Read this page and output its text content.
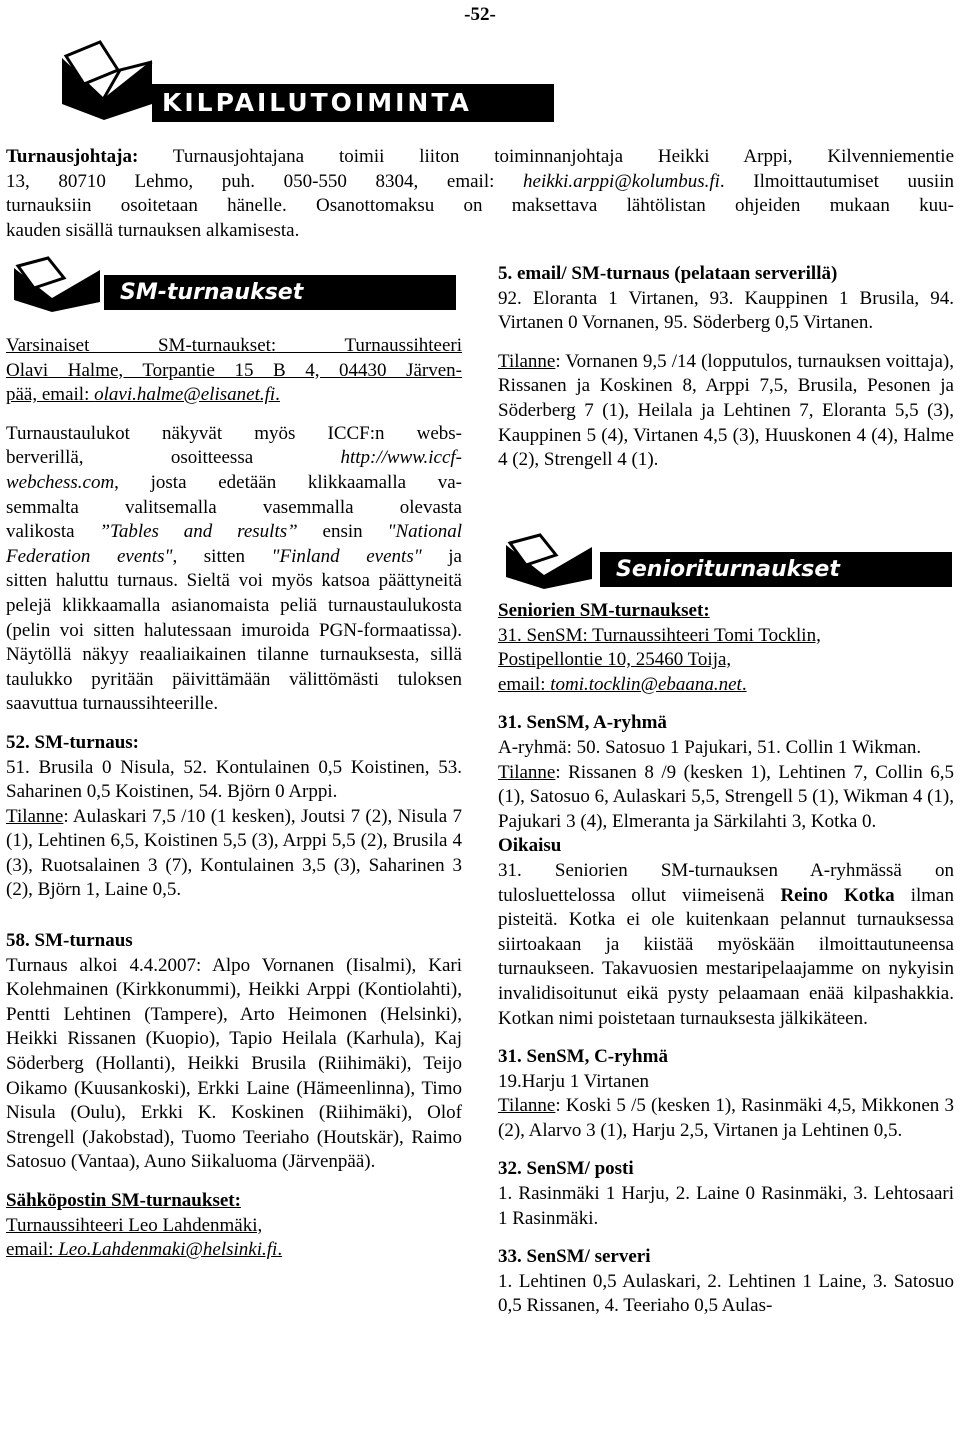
-52-
KILPAILUTOIMINTA

Turnausjohtaja: Turnausjohtajana toimii liiton toiminnanjohtaja Heikki Arppi, Kilvenniementie

13, 80710 Lehmo, puh. 050-550 8304, email: heikki.arppi@kolumbus.fi. Ilmoittautumiset uusiin

turnauksiin osoitetaan hänelle. Osanottomaksu on maksettava lähtölistan ohjeiden mukaan kuu-

kauden sisällä turnauksen alkamisesta.

SM-turnaukset

Varsinaiset SM-turnaukset: Turnaussihteeri

Olavi Halme, Torpantie 15 B 4, 04430 Järven-

pää, email: olavi.halme@elisanet.fi.

Turnaustaulukot näkyvät myös ICCF:n webs-

berverillä, osoitteessa http://www.iccf-

webchess.com, josta edetään klikkaamalla va-

semmalta valitsemalla vasemmalla olevasta

valikosta ”Tables and results” ensin "National

Federation events", sitten "Finland events" ja

sitten haluttu turnaus. Sieltä voi myös katsoa päättyneitä pelejä klikkaamalla asianomaista peliä turnaustaulukosta (pelin voi sitten halutessaan imuroida PGN-formaatissa). Näytöllä näkyy reaaliaikainen tilanne turnauksesta, sillä taulukko pyritään päivittämään välittömästi tuloksen saavuttua turnaussihteerille.

52. SM-turnaus:

51. Brusila 0 Nisula, 52. Kontulainen 0,5 Koistinen, 53. Saharinen 0,5 Koistinen, 54. Björn 0 Arppi.

Tilanne: Aulaskari 7,5 /10 (1 kesken), Joutsi 7 (2), Nisula 7 (1), Lehtinen 6,5, Koistinen 5,5 (3), Arppi 5,5 (2), Brusila 4 (3), Ruotsalainen 3 (7), Kontulainen 3,5 (3), Saharinen 3 (2), Björn 1, Laine 0,5.

58. SM-turnaus

Turnaus alkoi 4.4.2007: Alpo Vornanen (Iisalmi), Kari Kolehmainen (Kirkkonummi), Heikki Arppi (Kontiolahti), Pentti Lehtinen (Tampere), Arto Heimonen (Helsinki), Heikki Rissanen (Kuopio), Tapio Heilala (Karhula), Kaj Söderberg (Hollanti), Heikki Brusila (Riihimäki), Teijo Oikamo (Kuusankoski), Erkki Laine (Hämeenlinna), Timo Nisula (Oulu), Erkki K. Koskinen (Riihimäki), Olof Strengell (Jakobstad), Tuomo Teeriaho (Houtskär), Raimo Satosuo (Vantaa), Auno Siikaluoma (Järvenpää).

Sähköpostin SM-turnaukset:

Turnaussihteeri Leo Lahdenmäki,

email: Leo.Lahdenmaki@helsinki.fi.

5. email/ SM-turnaus (pelataan serverillä)

92. Eloranta 1 Virtanen, 93. Kauppinen 1 Brusila, 94. Virtanen 0 Vornanen, 95. Söderberg 0,5 Virtanen.

Tilanne: Vornanen 9,5 /14 (lopputulos, turnauksen voittaja), Rissanen ja Koskinen 8, Arppi 7,5, Brusila, Pesonen ja Söderberg 7 (1), Heilala ja Lehtinen 7, Eloranta 5,5 (3), Kauppinen 5 (4), Virtanen 4,5 (3), Huuskonen 4 (4), Halme 4 (2), Strengell 4 (1).

Senioriturnaukset

Seniorien SM-turnaukset:

31. SenSM: Turnaussihteeri Tomi Tocklin,

Postipellontie 10, 25460 Toija,

email: tomi.tocklin@ebaana.net.

31. SenSM, A-ryhmä

A-ryhmä: 50. Satosuo 1 Pajukari, 51. Collin 1 Wikman.

Tilanne: Rissanen 8 /9 (kesken 1), Lehtinen 7, Collin 6,5 (1), Satosuo 6, Aulaskari 5,5, Strengell 5 (1), Wikman 4 (1), Pajukari 3 (4), Elmeranta ja Särkilahti 3, Kotka 0.

Oikaisu

31. Seniorien SM-turnauksen A-ryhmässä on tulosluettelossa ollut viimeisenä Reino Kotka ilman pisteitä. Kotka ei ole kuitenkaan pelannut turnauksessa siirtoakaan ja kiistää myöskään ilmoittautuneensa turnaukseen. Takavuosien mestaripelaajamme on nykyisin invalidisoitunut eikä pysty pelaamaan enää kilpashakkia. Kotkan nimi poistetaan turnauksesta jälkikäteen.

31. SenSM, C-ryhmä

19.Harju 1 Virtanen

Tilanne: Koski 5 /5 (kesken 1), Rasinmäki 4,5, Mikkonen 3 (2), Alarvo 3 (1), Harju 2,5, Virtanen ja Lehtinen 0,5.

32. SenSM/ posti

1. Rasinmäki 1 Harju, 2. Laine 0 Rasinmäki, 3. Lehtosaari 1 Rasinmäki.

33. SenSM/ serveri

1. Lehtinen 0,5 Aulaskari, 2. Lehtinen 1 Laine, 3. Satosuo 0,5 Rissanen, 4. Teeriaho 0,5 Aulas-
